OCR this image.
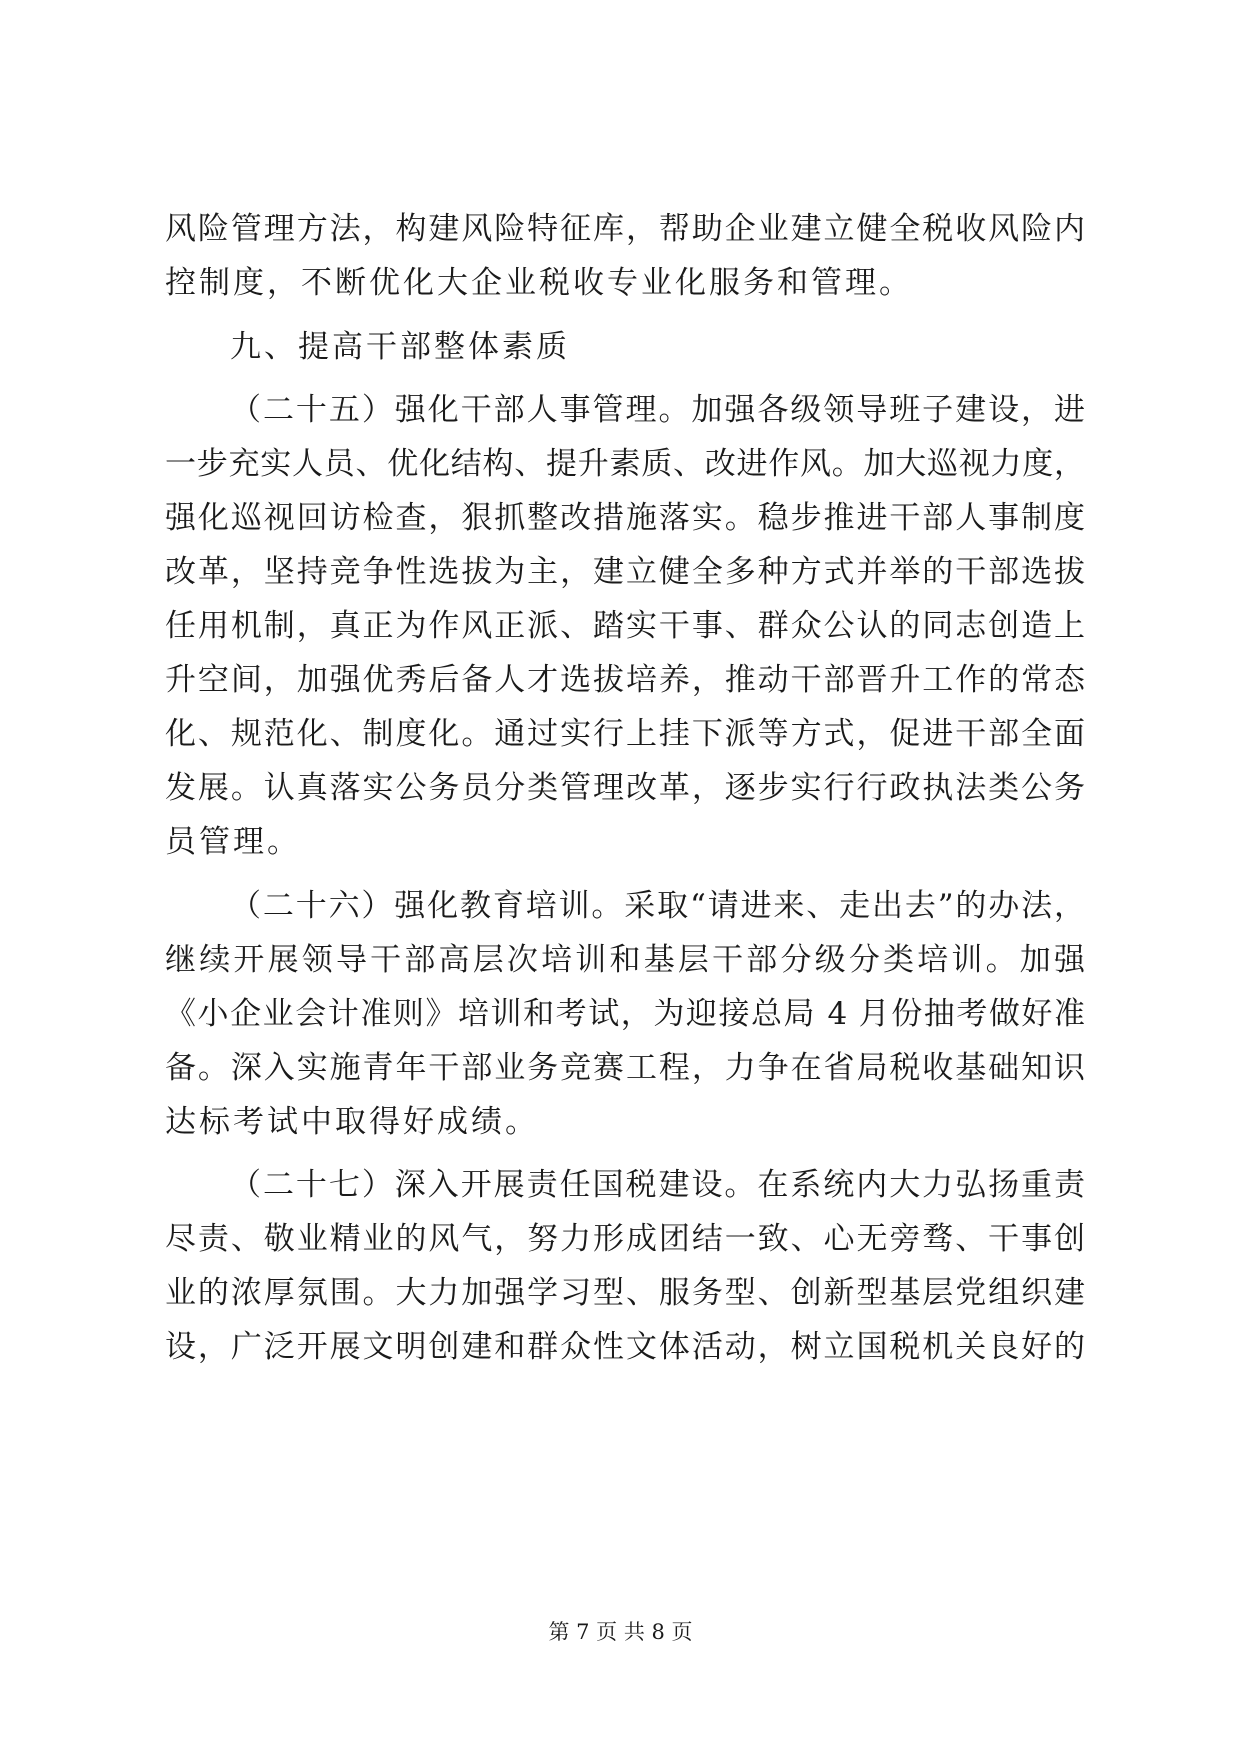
风险管理方法，构建风险特征库，帮助企业建立健全税收风险内
控制度，不断优化大企业税收专业化服务和管理。
九、提高干部整体素质
（二十五）强化干部人事管理。加强各级领导班子建设，进
一步充实人员、优化结构、提升素质、改进作风。加大巡视力度，
强化巡视回访检查，狠抓整改措施落实。稳步推进干部人事制度
改革，坚持竞争性选拔为主，建立健全多种方式并举的干部选拔
任用机制，真正为作风正派、踏实干事、群众公认的同志创造上
升空间，加强优秀后备人才选拔培养，推动干部晋升工作的常态
化、规范化、制度化。通过实行上挂下派等方式，促进干部全面
发展。认真落实公务员分类管理改革，逐步实行行政执法类公务
员管理。
（二十六）强化教育培训。采取“请进来、走出去”的办法，
继续开展领导干部高层次培训和基层干部分级分类培训。加强
《小企业会计准则》培训和考试，为迎接总局 4 月份抽考做好准
备。深入实施青年干部业务竞赛工程，力争在省局税收基础知识
达标考试中取得好成绩。
（二十七）深入开展责任国税建设。在系统内大力弘扬重责
尽责、敬业精业的风气，努力形成团结一致、心无旁骛、干事创
业的浓厚氛围。大力加强学习型、服务型、创新型基层党组织建
设，广泛开展文明创建和群众性文体活动，树立国税机关良好的
第 7 页 共 8 页
